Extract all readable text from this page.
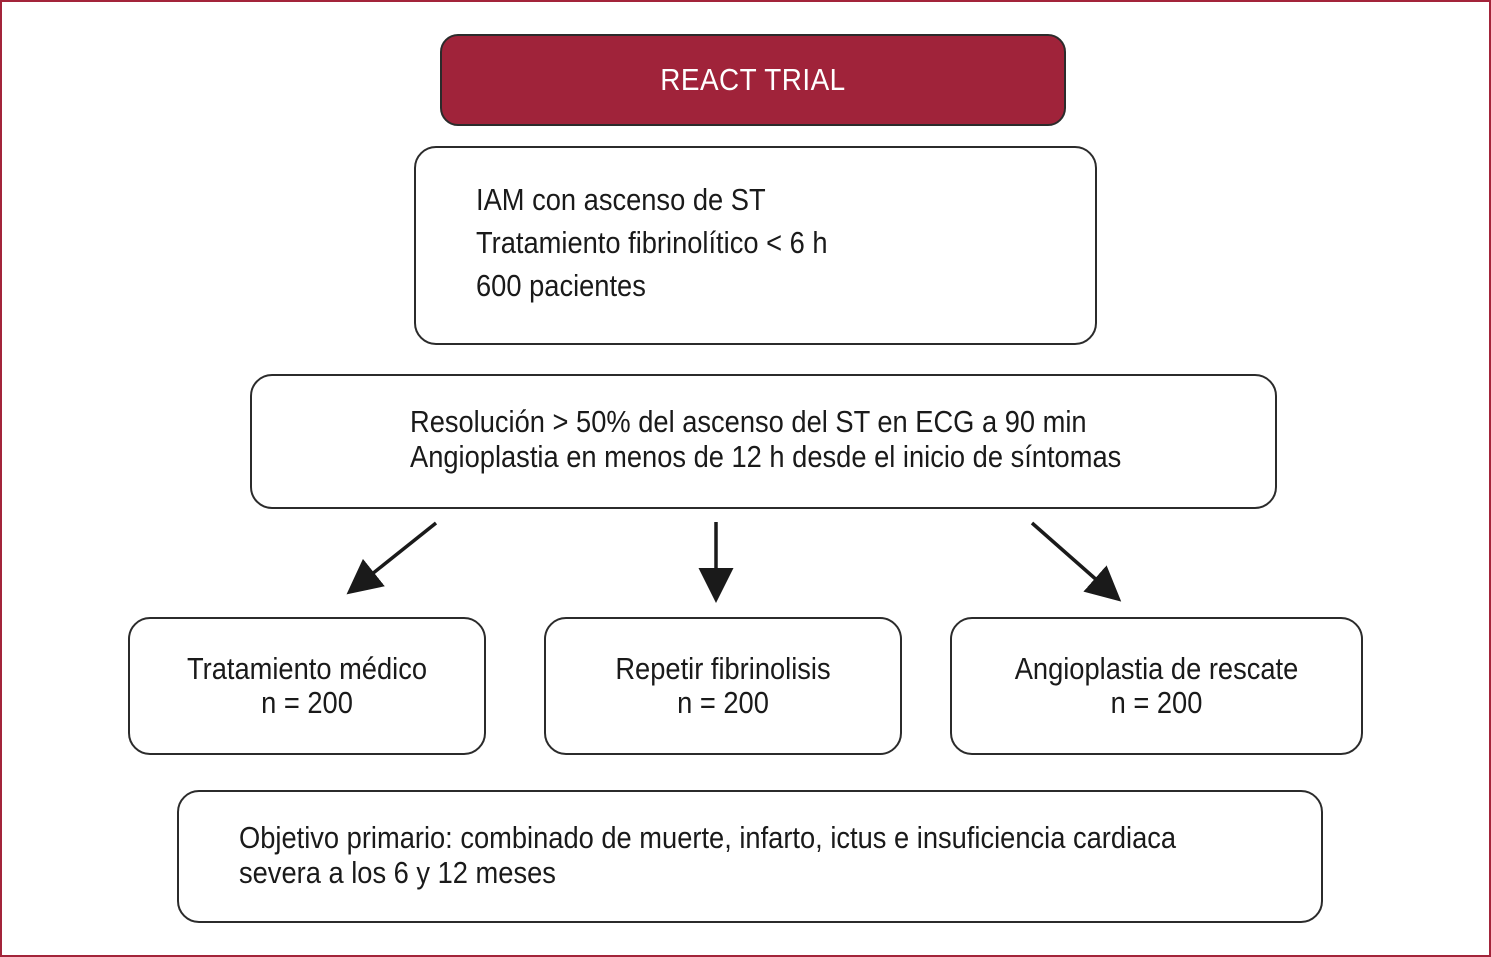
REACT TRIAL
IAM con ascenso de ST
Tratamiento fibrinolítico < 6 h
600 pacientes
Resolución > 50% del ascenso del ST en ECG a 90 min
Angioplastia en menos de 12 h desde el inicio de síntomas
Tratamiento médico
n = 200
Repetir fibrinolisis
n = 200
Angioplastia de rescate
n = 200
Objetivo primario: combinado de muerte, infarto, ictus e insuficiencia cardiaca
severa a los 6 y 12 meses
